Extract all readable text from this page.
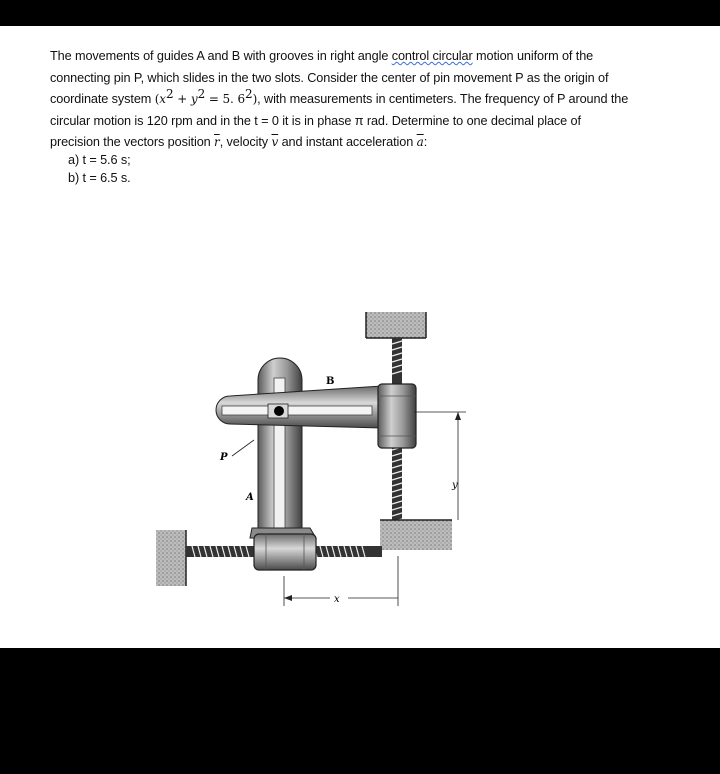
The movements of guides A and B with grooves in right angle control circular motion uniform of the
connecting pin P, which slides in the two slots. Consider the center of pin movement P as the origin of
coordinate system ($x^2 + y^2 = 5$. $6^2$), with measurements in centimeters. The frequency of P around the
circular motion is 120 rpm and in the t = 0 it is in phase π rad. Determine to one decimal place of
precision the vectors position $\overline{r}$, velocity $\overline{v}$ and instant acceleration $\overline{a}$:
a) t = 5.6 s;
b) t = 6.5 s.
B
P
A
y
x
